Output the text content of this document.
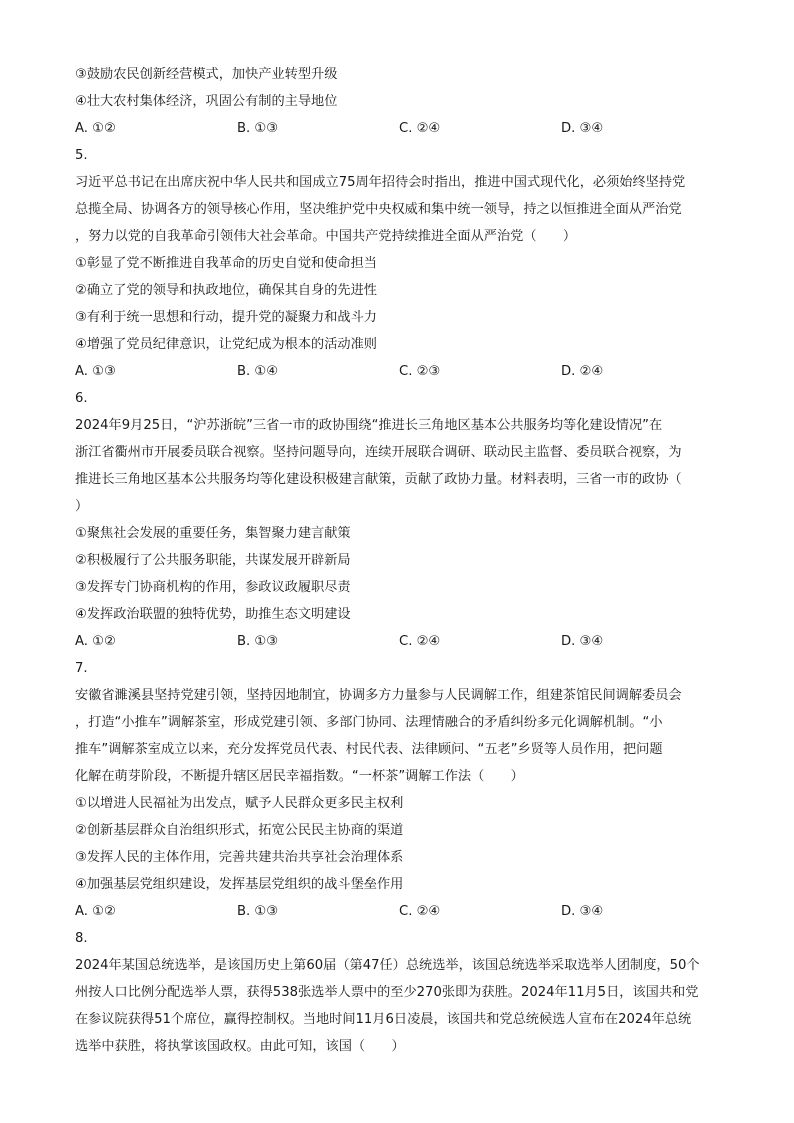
③鼓励农民创新经营模式，加快产业转型升级
④壮大农村集体经济，巩固公有制的主导地位
A. ①②	B. ①③	C. ②④	D. ③④
5.
习近平总书记在出席庆祝中华人民共和国成立75周年招待会时指出，推进中国式现代化，必须始终坚持党
总揽全局、协调各方的领导核心作用，坚决维护党中央权威和集中统一领导，持之以恒推进全面从严治党
，努力以党的自我革命引领伟大社会革命。中国共产党持续推进全面从严治党（　　）
①彰显了党不断推进自我革命的历史自觉和使命担当
②确立了党的领导和执政地位，确保其自身的先进性
③有利于统一思想和行动，提升党的凝聚力和战斗力
④增强了党员纪律意识，让党纪成为根本的活动准则
A. ①③	B. ①④	C. ②③	D. ②④
6.
2024年9月25日，“沪苏浙皖”三省一市的政协围绕“推进长三角地区基本公共服务均等化建设情况”在
浙江省衢州市开展委员联合视察。坚持问题导向，连续开展联合调研、联动民主监督、委员联合视察，为
推进长三角地区基本公共服务均等化建设积极建言献策，贡献了政协力量。材料表明，三省一市的政协（
）
①聚焦社会发展的重要任务，集智聚力建言献策
②积极履行了公共服务职能，共谋发展开辟新局
③发挥专门协商机构的作用，参政议政履职尽责
④发挥政治联盟的独特优势，助推生态文明建设
A. ①②	B. ①③	C. ②④	D. ③④
7.
安徽省濉溪县坚持党建引领，坚持因地制宜，协调多方力量参与人民调解工作，组建茶馆民间调解委员会
，打造“小推车”调解茶室，形成党建引领、多部门协同、法理情融合的矛盾纠纷多元化调解机制。“小
推车”调解茶室成立以来，充分发挥党员代表、村民代表、法律顾问、“五老”乡贤等人员作用，把问题
化解在萌芽阶段，不断提升辖区居民幸福指数。“一杯茶”调解工作法（　　）
①以增进人民福祉为出发点，赋予人民群众更多民主权利
②创新基层群众自治组织形式，拓宽公民民主协商的渠道
③发挥人民的主体作用，完善共建共治共享社会治理体系
④加强基层党组织建设，发挥基层党组织的战斗堡垒作用
A. ①②	B. ①③	C. ②④	D. ③④
8.
2024年某国总统选举，是该国历史上第60届（第47任）总统选举，该国总统选举采取选举人团制度，50个
州按人口比例分配选举人票，获得538张选举人票中的至少270张即为获胜。2024年11月5日，该国共和党
在参议院获得51个席位，赢得控制权。当地时间11月6日凌晨，该国共和党总统候选人宣布在2024年总统
选举中获胜，将执掌该国政权。由此可知，该国（　　）
